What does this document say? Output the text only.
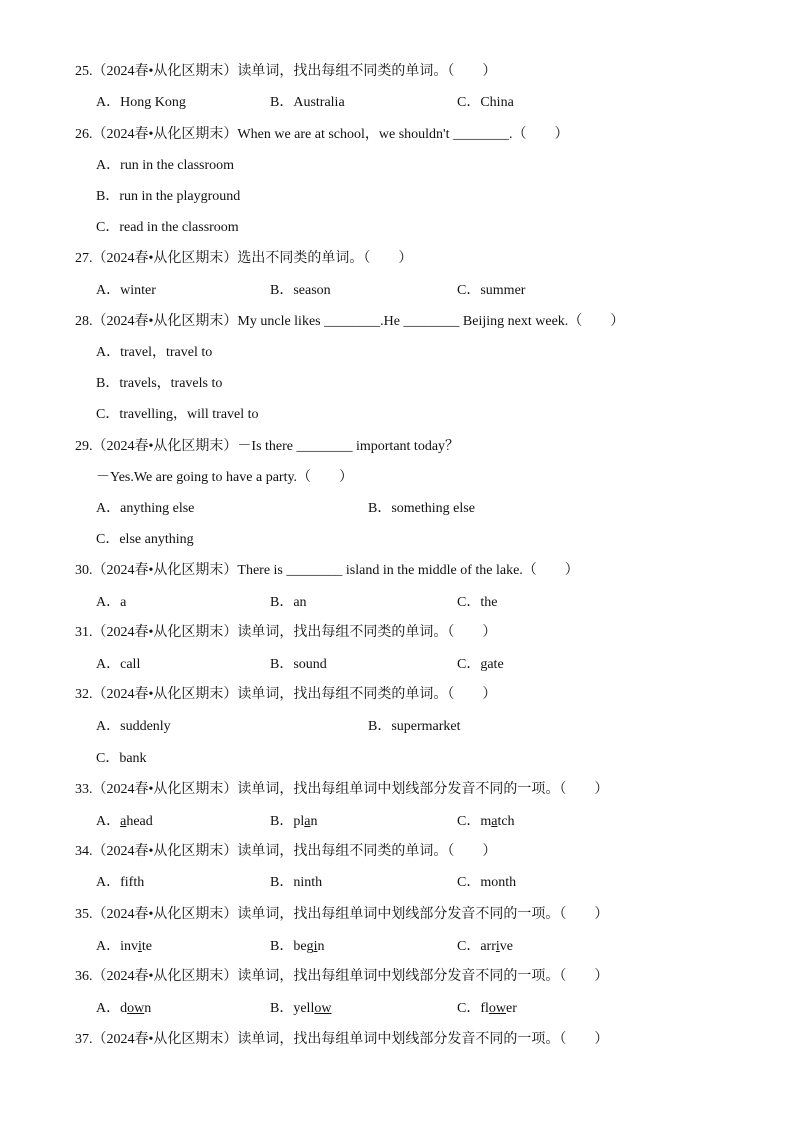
25.（2024春•从化区期末）读单词，找出每组不同类的单词。（　　）
A．Hong Kong	B．Australia	C．China
26.（2024春•从化区期末）When we are at school，we shouldn't ________.（　　）
A．run in the classroom
B．run in the playground
C．read in the classroom
27.（2024春•从化区期末）选出不同类的单词。（　　）
A．winter	B．season	C．summer
28.（2024春•从化区期末）My uncle likes ________.He ________ Beijing next week.（　　）
A．travel，travel to
B．travels，travels to
C．travelling，will travel to
29.（2024春•从化区期末）－Is there ________ important today？
－Yes.We are going to have a party.（　　）
A．anything else	B．something else
C．else anything
30.（2024春•从化区期末）There is ________ island in the middle of the lake.（　　）
A．a	B．an	C．the
31.（2024春•从化区期末）读单词，找出每组不同类的单词。（　　）
A．call	B．sound	C．gate
32.（2024春•从化区期末）读单词，找出每组不同类的单词。（　　）
A．suddenly	B．supermarket
C．bank
33.（2024春•从化区期末）读单词，找出每组单词中划线部分发音不同的一项。（　　）
A．ahead	B．plan	C．match
34.（2024春•从化区期末）读单词，找出每组不同类的单词。（　　）
A．fifth	B．ninth	C．month
35.（2024春•从化区期末）读单词，找出每组单词中划线部分发音不同的一项。（　　）
A．invite	B．begin	C．arrive
36.（2024春•从化区期末）读单词，找出每组单词中划线部分发音不同的一项。（　　）
A．down	B．yellow	C．flower
37.（2024春•从化区期末）读单词，找出每组单词中划线部分发音不同的一项。（　　）
